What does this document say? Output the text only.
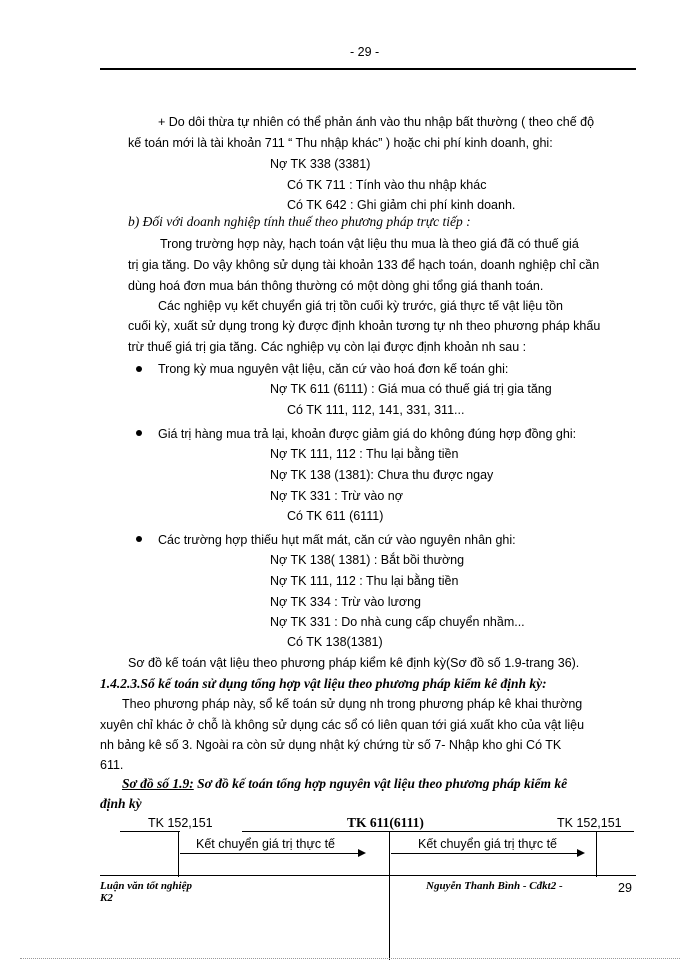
- 29 -
+ Do dôi thừa tự nhiên có thể phản ánh vào thu nhập bất thường ( theo chế độ
kế toán mới là tài khoản 711 “ Thu nhập khác” ) hoặc chi phí kinh doanh, ghi:
Nợ TK 338 (3381)
Có TK 711 : Tính vào thu nhập khác
Có TK 642 : Ghi giảm chi phí kinh doanh.
b) Đối với doanh nghiệp tính thuế theo phương pháp trực tiếp :
Trong trường hợp này, hạch toán vật liệu thu mua là theo giá đã có thuế giá
trị gia tăng. Do vậy không sử dụng tài khoản 133 để hạch toán, doanh nghiệp chỉ cần
dùng hoá đơn mua bán thông thường có một dòng ghi tổng giá thanh toán.
Các nghiệp vụ kết chuyển giá trị tồn cuối kỳ trước, giá thực tế vật liệu tồn
cuối kỳ, xuất sử dụng trong kỳ được định khoản tương tự nh theo phương pháp khấu
trừ thuế giá trị gia tăng. Các nghiệp vụ còn lại được định khoản nh sau :
Trong kỳ mua nguyên vật liệu, căn cứ vào hoá đơn kế toán ghi:
Nợ TK 611 (6111) : Giá mua có thuế giá trị gia tăng
Có TK 111, 112, 141, 331, 311...
Giá trị hàng mua trả lại, khoản được giảm giá do không đúng hợp đồng ghi:
Nợ TK 111, 112 : Thu lại bằng tiền
Nợ TK 138 (1381): Chưa thu được ngay
Nợ TK 331 : Trừ vào nợ
Có TK 611 (6111)
Các trường hợp thiếu hụt mất mát, căn cứ vào nguyên nhân ghi:
Nợ TK 138( 1381) : Bắt bồi thường
Nợ TK 111, 112 : Thu lại bằng tiền
Nợ TK 334 : Trừ vào lương
Nợ TK 331 : Do nhà cung cấp chuyển nhầm...
Có TK 138(1381)
Sơ đồ kế toán vật liệu theo phương pháp kiểm kê định kỳ(Sơ đồ số 1.9-trang 36).
1.4.2.3.Sổ kế toán sử dụng tổng hợp vật liệu theo phương pháp kiểm kê định kỳ:
Theo phương pháp này, sổ kế toán sử dụng nh trong phương pháp kê khai thường
xuyên chỉ khác ở chỗ là không sử dụng các sổ có liên quan tới giá xuất kho của vật liệu
nh bảng kê số 3. Ngoài ra còn sử dụng nhật ký chứng từ số 7- Nhập kho ghi Có TK
611.
Sơ đồ số 1.9: Sơ đồ kế toán tổng hợp nguyên vật liệu theo phương pháp kiểm kê
định kỳ
TK 152,151	TK 611(6111)	TK 152,151
Kết chuyển giá trị thực tế	Kết chuyển giá trị thực tế
Luận văn tốt nghiệp
K2
Nguyễn Thanh Bình - Cđkt2 -	29
